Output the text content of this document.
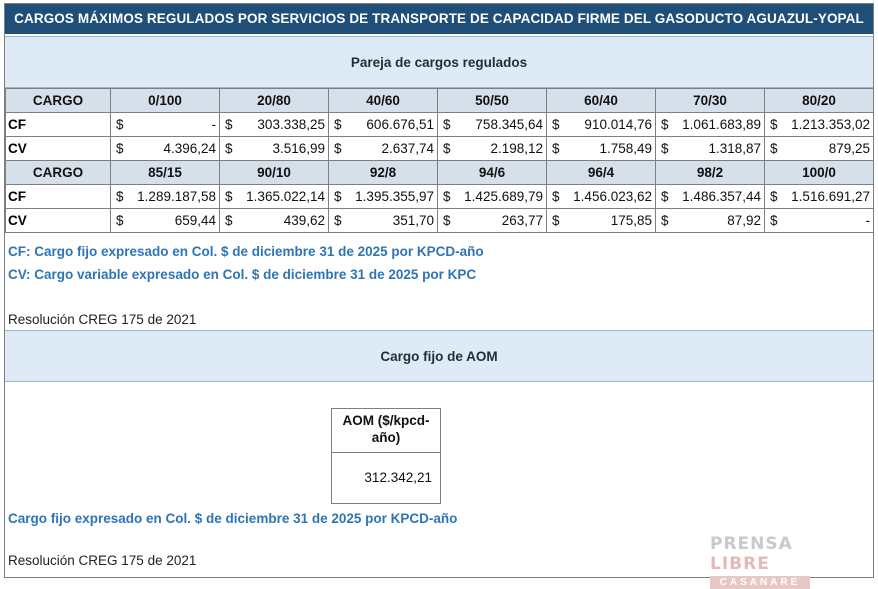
CARGOS MÁXIMOS REGULADOS POR SERVICIOS DE TRANSPORTE DE CAPACIDAD FIRME DEL GASODUCTO AGUAZUL-YOPAL
Pareja de cargos regulados
CARGO	0/100	20/80	40/60	50/50	60/40	70/30	80/20
CF	$ -	$ 303.338,25	$ 606.676,51	$ 758.345,64	$ 910.014,76	$ 1.061.683,89	$ 1.213.353,02

CV	$ 4.396,24	$ 3.516,99	$ 2.637,74	$ 2.198,12	$ 1.758,49	$ 1.318,87	$ 879,25

CARGO	85/15	90/10	92/8	94/6	96/4	98/2	100/0
CF	$ 1.289.187,58	$ 1.365.022,14	$ 1.395.355,97	$ 1.425.689,79	$ 1.456.023,62	$ 1.486.357,44	$ 1.516.691,27

CV	$ 659,44	$ 439,62	$ 351,70	$ 263,77	$ 175,85	$ 87,92	$ -
CF: Cargo fijo expresado en Col. $ de diciembre 31 de 2025 por KPCD-año
CV: Cargo variable expresado en Col. $ de diciembre 31 de 2025 por KPC
Resolución CREG 175 de 2021
Cargo fijo de AOM
AOM ($/kpcd-año)
312.342,21
Cargo fijo expresado en Col. $ de diciembre 31 de 2025 por KPCD-año
Resolución CREG 175 de 2021
PRENSA LIBRE
CASANARE
